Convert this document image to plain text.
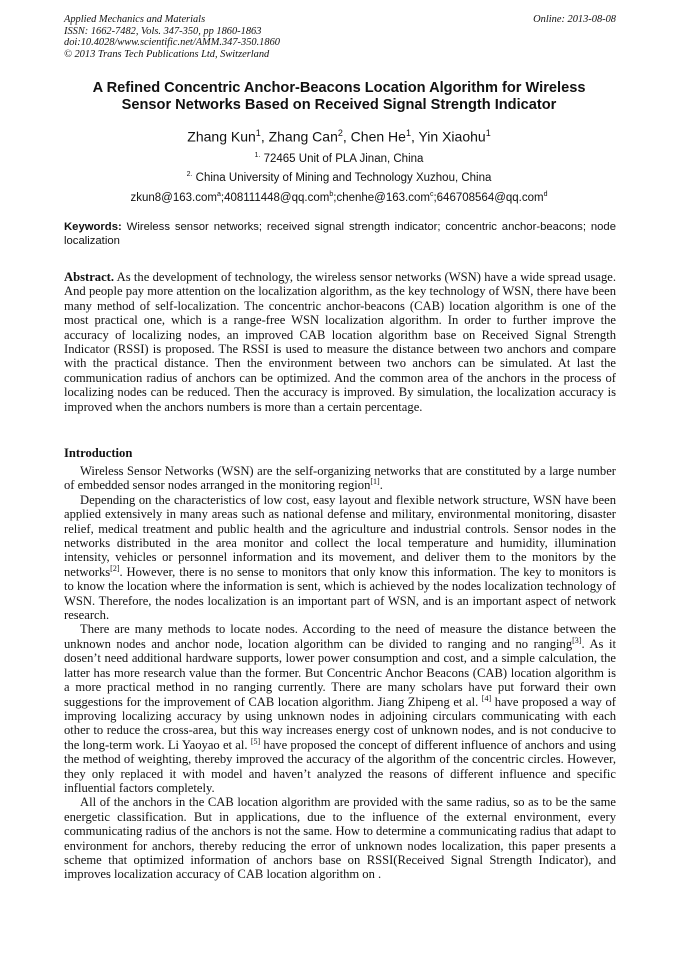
Applied Mechanics and Materials
ISSN: 1662-7482, Vols. 347-350, pp 1860-1863
doi:10.4028/www.scientific.net/AMM.347-350.1860
© 2013 Trans Tech Publications Ltd, Switzerland
Online: 2013-08-08
A Refined Concentric Anchor-Beacons Location Algorithm for Wireless
Sensor Networks Based on Received Signal Strength Indicator
Zhang Kun$^1$, Zhang Can$^2$, Chen He$^1$, Yin Xiaohu$^1$
$^{1.}$ 72465 Unit of PLA Jinan, China
$^{2.}$ China University of Mining and Technology Xuzhou, China
zkun8@163.com$^a$;408111448@qq.com$^b$;chenhe@163.com$^c$;646708564@qq.com$^d$
Keywords: Wireless sensor networks; received signal strength indicator; concentric anchor-beacons; node localization
Abstract. As the development of technology, the wireless sensor networks (WSN) have a wide spread usage. And people pay more attention on the localization algorithm, as the key technology of WSN, there have been many method of self-localization. The concentric anchor-beacons (CAB) location algorithm is one of the most practical one, which is a range-free WSN localization algorithm. In order to further improve the accuracy of localizing nodes, an improved CAB location algorithm base on Received Signal Strength Indicator (RSSI) is proposed. The RSSI is used to measure the distance between two anchors and compare with the practical distance. Then the environment between two anchors can be simulated. At last the communication radius of anchors can be optimized. And the common area of the anchors in the process of localizing nodes can be reduced. Then the accuracy is improved. By simulation, the localization accuracy is improved when the anchors numbers is more than a certain percentage.
Introduction

Wireless Sensor Networks (WSN) are the self-organizing networks that are constituted by a large number of embedded sensor nodes arranged in the monitoring region[1].

Depending on the characteristics of low cost, easy layout and flexible network structure, WSN have been applied extensively in many areas such as national defense and military, environmental monitoring, disaster relief, medical treatment and public health and the agriculture and industrial controls. Sensor nodes in the networks distributed in the area monitor and collect the local temperature and humidity, illumination intensity, vehicles or personnel information and its movement, and deliver them to the monitors by the networks[2]. However, there is no sense to monitors that only know this information. The key to monitors is to know the location where the information is sent, which is achieved by the nodes localization technology of WSN. Therefore, the nodes localization is an important part of WSN, and is an important aspect of network research.

There are many methods to locate nodes. According to the need of measure the distance between the unknown nodes and anchor node, location algorithm can be divided to ranging and no ranging[3]. As it dosen’t need additional hardware supports, lower power consumption and cost, and a simple calculation, the latter has more research value than the former. But Concentric Anchor Beacons (CAB) location algorithm is a more practical method in no ranging currently. There are many scholars have put forward their own suggestions for the improvement of CAB location algorithm. Jiang Zhipeng et al. [4] have proposed a way of improving localizing accuracy by using unknown nodes in adjoining circulars communicating with each other to reduce the cross-area, but this way increases energy cost of unknown nodes, and is not conducive to the long-term work. Li Yaoyao et al. [5] have proposed the concept of different influence of anchors and using the method of weighting, thereby improved the accuracy of the algorithm of the concentric circles. However, they only replaced it with model and haven’t analyzed the reasons of different influence and specific influential factors completely.

All of the anchors in the CAB location algorithm are provided with the same radius, so as to be the same energetic classification. But in applications, due to the influence of the external environment, every communicating radius of the anchors is not the same. How to determine a communicating radius that adapt to environment for anchors, thereby reducing the error of unknown nodes localization, this paper presents a scheme that optimized information of anchors base on RSSI(Received Signal Strength Indicator), and improves localization accuracy of CAB location algorithm on .
